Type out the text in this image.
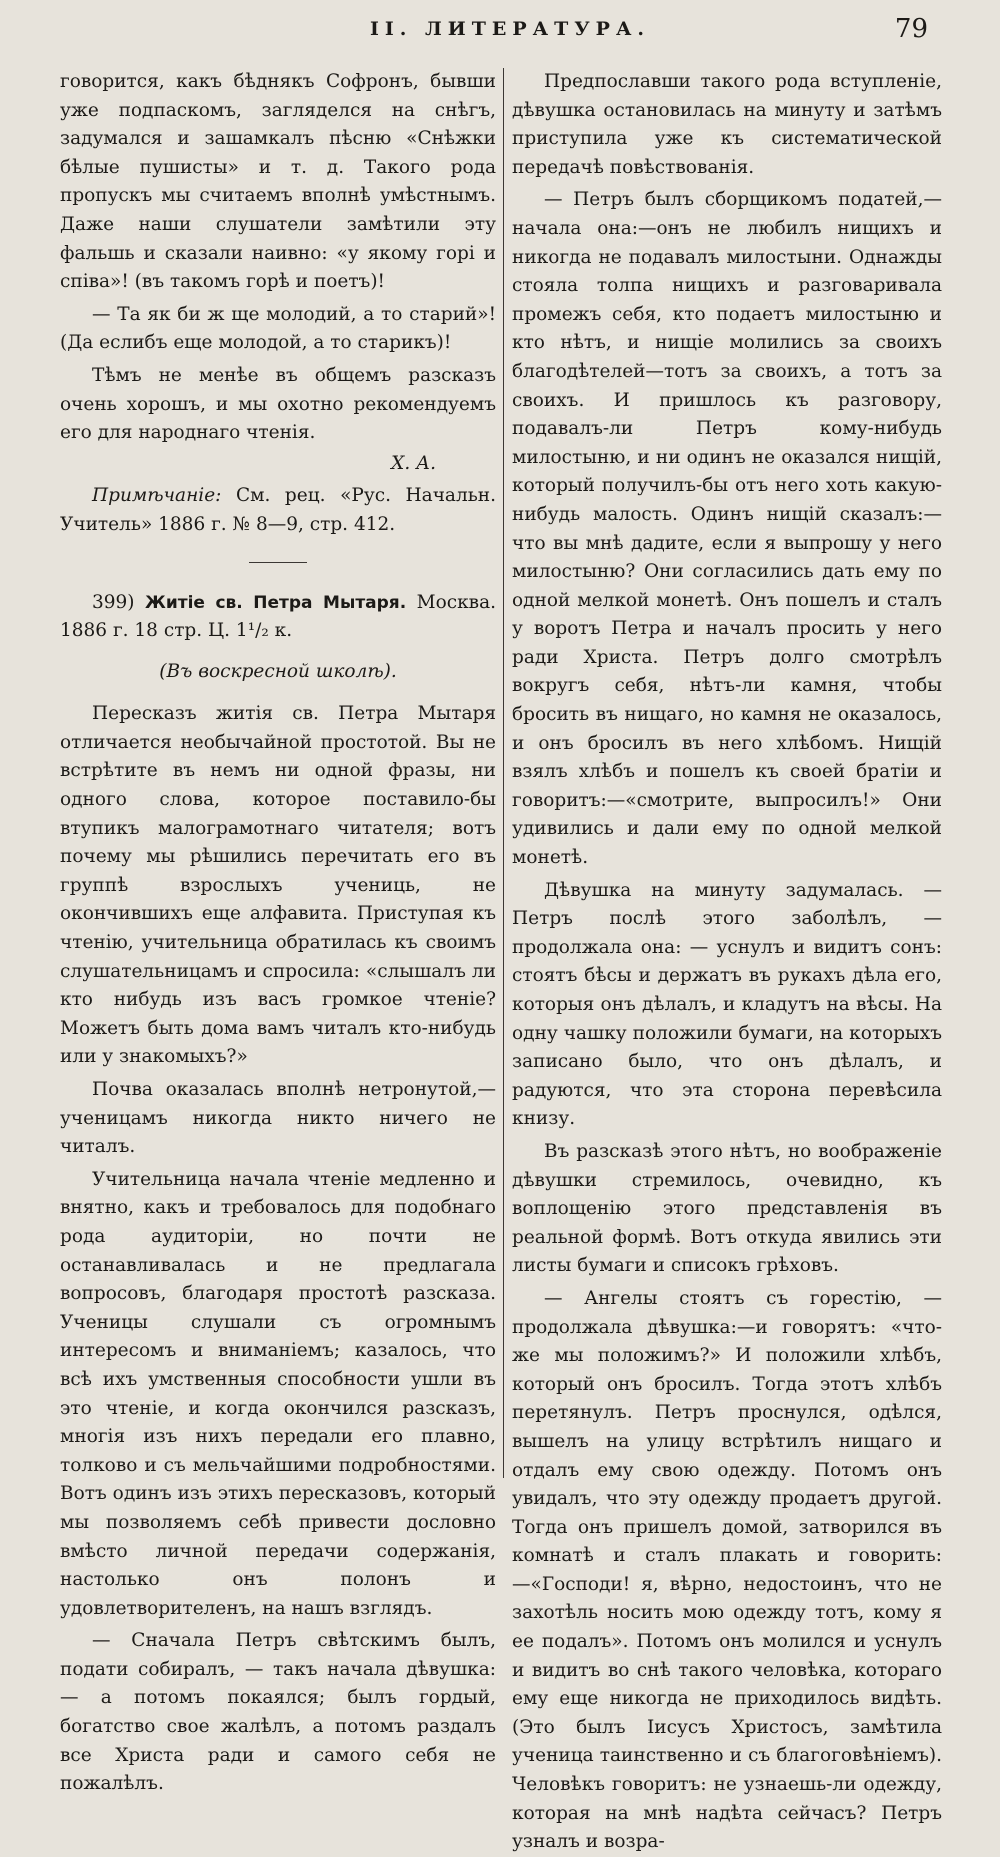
II. ЛИТЕРАТУРА.	79

говорится, какъ бѣднякъ Софронъ, бывши уже подпаскомъ, загляделся на снѣгъ, задумался и зашамкалъ пѣсню «Снѣжки бѣлые пушисты» и т. д. Такого рода пропускъ мы считаемъ вполнѣ умѣстнымъ. Даже наши слушатели замѣтили эту фальшь и сказали наивно: «у якому горі и співа»! (въ такомъ горѣ и поетъ)!

— Та як би ж ще молодий, а то старий»! (Да еслибъ еще молодой, а то старикъ)!

Тѣмъ не менѣе въ общемъ разсказъ очень хорошъ, и мы охотно рекомендуемъ его для народнаго чтенія.

Х. А.

Примѣчаніе: См. рец. «Рус. Начальн. Учитель» 1886 г. № 8—9, стр. 412.

399) Житіе св. Петра Мытаря. Москва. 1886 г. 18 стр. Ц. 1¹/₂ к.

(Въ воскресной школѣ).

Пересказъ житія св. Петра Мытаря отличается необычайной простотой. Вы не встрѣтите въ немъ ни одной фразы, ни одного слова, которое поставило-бы втупикъ малограмотнаго читателя; вотъ почему мы рѣшились перечитать его въ группѣ взрослыхъ учениць, не окончившихъ еще алфавита. Приступая къ чтенію, учительница обратилась къ своимъ слушательницамъ и спросила: «слышалъ ли кто нибудь изъ васъ громкое чтеніе? Можетъ быть дома вамъ читалъ кто-нибудь или у знакомыхъ?»

Почва оказалась вполнѣ нетронутой,—ученицамъ никогда никто ничего не читалъ.

Учительница начала чтеніе медленно и внятно, какъ и требовалось для подобнаго рода аудиторіи, но почти не останавливалась и не предлагала вопросовъ, благодаря простотѣ разсказа. Ученицы слушали съ огромнымъ интересомъ и вниманіемъ; казалось, что всѣ ихъ умственныя способности ушли въ это чтеніе, и когда окончился разсказъ, многія изъ нихъ передали его плавно, толково и съ мельчайшими подробностями. Вотъ одинъ изъ этихъ пересказовъ, который мы позволяемъ себѣ привести дословно вмѣсто личной передачи содержанія, настолько онъ полонъ и удовлетворителенъ, на нашъ взглядъ.

— Сначала Петръ свѣтскимъ былъ, подати собиралъ, — такъ начала дѣвушка: — а потомъ покаялся; былъ гордый, богатство свое жалѣлъ, а потомъ раздалъ все Христа ради и самого себя не пожалѣлъ.

Предпославши такого рода вступленіе, дѣвушка остановилась на минуту и затѣмъ приступила уже къ систематической передачѣ повѣствованія.

— Петръ былъ сборщикомъ податей,—начала она:—онъ не любилъ нищихъ и никогда не подавалъ милостыни. Однажды стояла толпа нищихъ и разговаривала промежъ себя, кто подаетъ милостыню и кто нѣтъ, и нищіе молились за своихъ благодѣтелей—тотъ за своихъ, а тотъ за своихъ. И пришлось къ разговору, подавалъ-ли Петръ кому-нибудь милостыню, и ни одинъ не оказался нищій, который получилъ-бы отъ него хоть какую-нибудь малость. Одинъ нищій сказалъ:—что вы мнѣ дадите, если я выпрошу у него милостыню? Они согласились дать ему по одной мелкой монетѣ. Онъ пошелъ и сталъ у воротъ Петра и началъ просить у него ради Христа. Петръ долго смотрѣлъ вокругъ себя, нѣтъ-ли камня, чтобы бросить въ нищаго, но камня не оказалось, и онъ бросилъ въ него хлѣбомъ. Нищій взялъ хлѣбъ и пошелъ къ своей братіи и говоритъ:—«смотрите, выпросилъ!» Они удивились и дали ему по одной мелкой монетѣ.

Дѣвушка на минуту задумалась. — Петръ послѣ этого заболѣлъ, — продолжала она: — уснулъ и видитъ сонъ: стоятъ бѣсы и держатъ въ рукахъ дѣла его, которыя онъ дѣлалъ, и кладутъ на вѣсы. На одну чашку положили бумаги, на которыхъ записано было, что онъ дѣлалъ, и радуются, что эта сторона перевѣсила книзу.

Въ разсказѣ этого нѣтъ, но воображеніе дѣвушки стремилось, очевидно, къ воплощенію этого представленія въ реальной формѣ. Вотъ откуда явились эти листы бумаги и списокъ грѣховъ.

— Ангелы стоятъ съ горестію, — продолжала дѣвушка:—и говорятъ: «что-же мы положимъ?» И положили хлѣбъ, который онъ бросилъ. Тогда этотъ хлѣбъ перетянулъ. Петръ проснулся, одѣлся, вышелъ на улицу встрѣтилъ нищаго и отдалъ ему свою одежду. Потомъ онъ увидалъ, что эту одежду продаетъ другой. Тогда онъ пришелъ домой, затворился въ комнатѣ и сталъ плакать и говорить:—«Господи! я, вѣрно, недостоинъ, что не захотѣль носить мою одежду тотъ, кому я ее подалъ». Потомъ онъ молился и уснулъ и видитъ во снѣ такого человѣка, котораго ему еще никогда не приходилось видѣть. (Это былъ Іисусъ Христосъ, замѣтила ученица таинственно и съ благоговѣніемъ). Человѣкъ говоритъ: не узнаешь-ли одежду, которая на мнѣ надѣта сейчасъ? Петръ узналъ и возра-
